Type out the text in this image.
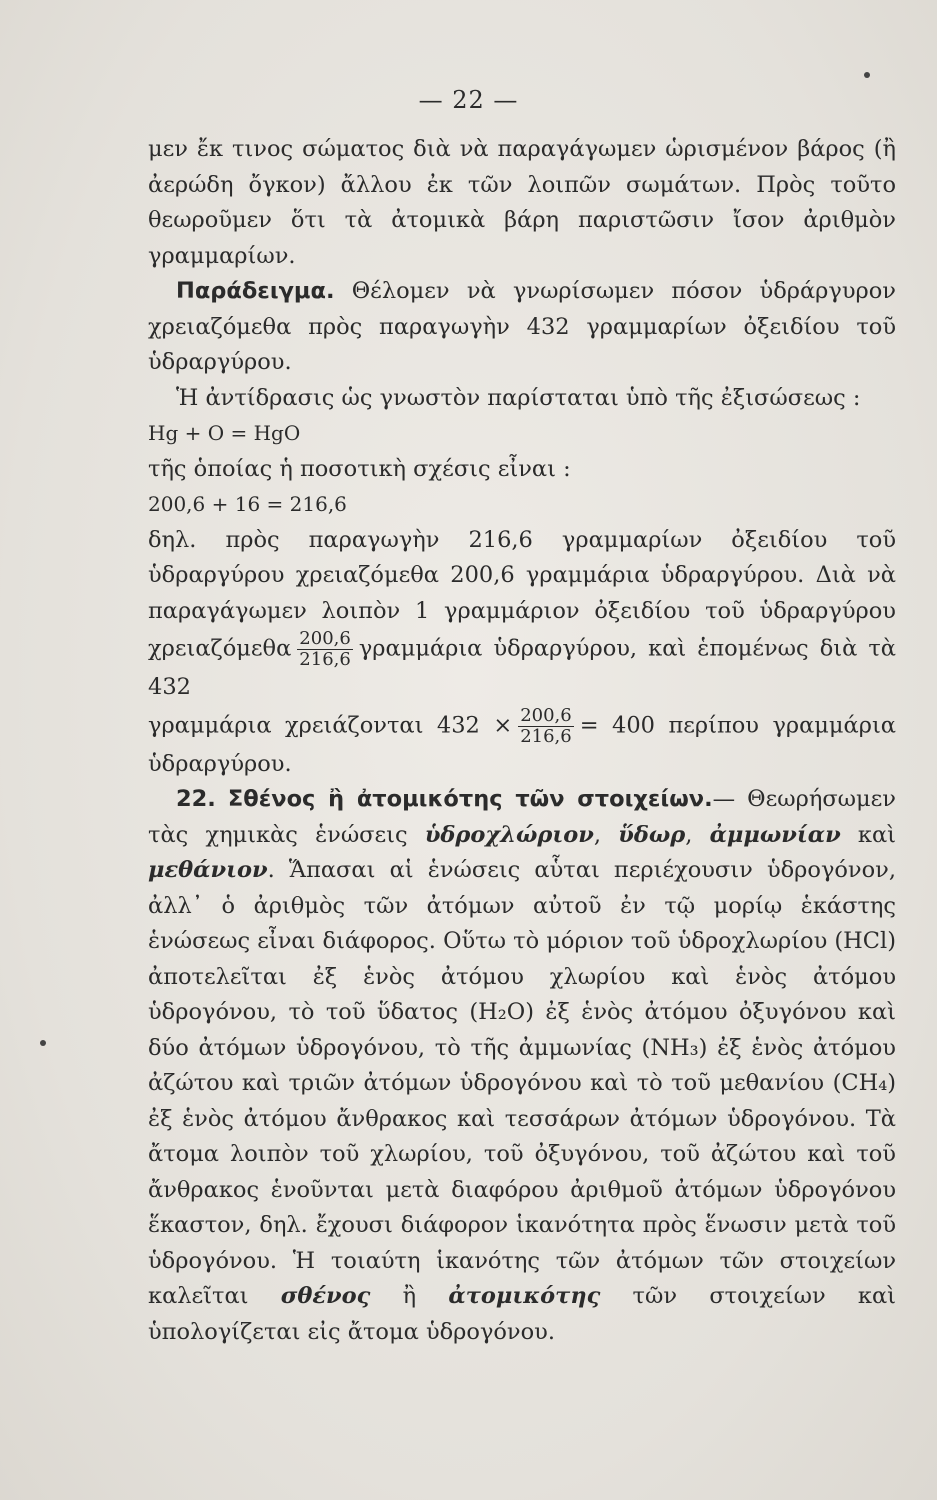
— 22 —

μεν ἔκ τινος σώματος διὰ νὰ παραγάγωμεν ὡρισμένον βάρος (ἢ ἀερώδη ὄγκον) ἄλλου ἐκ τῶν λοιπῶν σωμάτων. Πρὸς τοῦτο θεωροῦμεν ὅτι τὰ ἀτομικὰ βάρη παριστῶσιν ἴσον ἀριθμὸν γραμμαρίων.

Παράδειγμα. Θέλομεν νὰ γνωρίσωμεν πόσον ὑδράργυρον χρειαζόμεθα πρὸς παραγωγὴν 432 γραμμαρίων ὀξειδίου τοῦ ὑδραργύρου.

Ἡ ἀντίδρασις ὡς γνωστὸν παρίσταται ὑπὸ τῆς ἐξισώσεως :

Hg + O = HgO

τῆς ὁποίας ἡ ποσοτικὴ σχέσις εἶναι :

200,6 + 16 = 216,6

δηλ. πρὸς παραγωγὴν 216,6 γραμμαρίων ὀξειδίου τοῦ ὑδραργύρου χρειαζόμεθα 200,6 γραμμάρια ὑδραργύρου. Διὰ νὰ παραγάγωμεν λοιπὸν 1 γραμμάριον ὀξειδίου τοῦ ὑδραργύρου χρειαζόμεθα $\frac{200,6}{216,6}$ γραμμάρια ὑδραργύρου, καὶ ἑπομένως διὰ τὰ 432

γραμμάρια χρειάζονται $432 \times \frac{200,6}{216,6} = 400$ περίπου γραμμάρια ὑδραργύρου.

22. Σθένος ἢ ἀτομικότης τῶν στοιχείων.— Θεωρήσωμεν τὰς χημικὰς ἑνώσεις ὑδροχλώριον, ὕδωρ, ἀμμωνίαν καὶ μεθάνιον. Ἅπασαι αἱ ἑνώσεις αὗται περιέχουσιν ὑδρογόνον, ἀλλ᾽ ὁ ἀριθμὸς τῶν ἀτόμων αὐτοῦ ἐν τῷ μορίῳ ἑκάστης ἑνώσεως εἶναι διάφορος. Οὕτω τὸ μόριον τοῦ ὑδροχλωρίου (HCl) ἀποτελεῖται ἐξ ἑνὸς ἀτόμου χλωρίου καὶ ἑνὸς ἀτόμου ὑδρογόνου, τὸ τοῦ ὕδατος (H₂O) ἐξ ἑνὸς ἀτόμου ὀξυγόνου καὶ δύο ἀτόμων ὑδρογόνου, τὸ τῆς ἀμμωνίας (NH₃) ἐξ ἑνὸς ἀτόμου ἀζώτου καὶ τριῶν ἀτόμων ὑδρογόνου καὶ τὸ τοῦ μεθανίου (CH₄) ἐξ ἑνὸς ἀτόμου ἄνθρακος καὶ τεσσάρων ἀτόμων ὑδρογόνου. Τὰ ἄτομα λοιπὸν τοῦ χλωρίου, τοῦ ὀξυγόνου, τοῦ ἀζώτου καὶ τοῦ ἄνθρακος ἑνοῦνται μετὰ διαφόρου ἀριθμοῦ ἀτόμων ὑδρογόνου ἕκαστον, δηλ. ἔχουσι διάφορον ἱκανότητα πρὸς ἕνωσιν μετὰ τοῦ ὑδρογόνου. Ἡ τοιαύτη ἱκανότης τῶν ἀτόμων τῶν στοιχείων καλεῖται σθένος ἢ ἀτομικότης τῶν στοιχείων καὶ ὑπολογίζεται εἰς ἄτομα ὑδρογόνου.
